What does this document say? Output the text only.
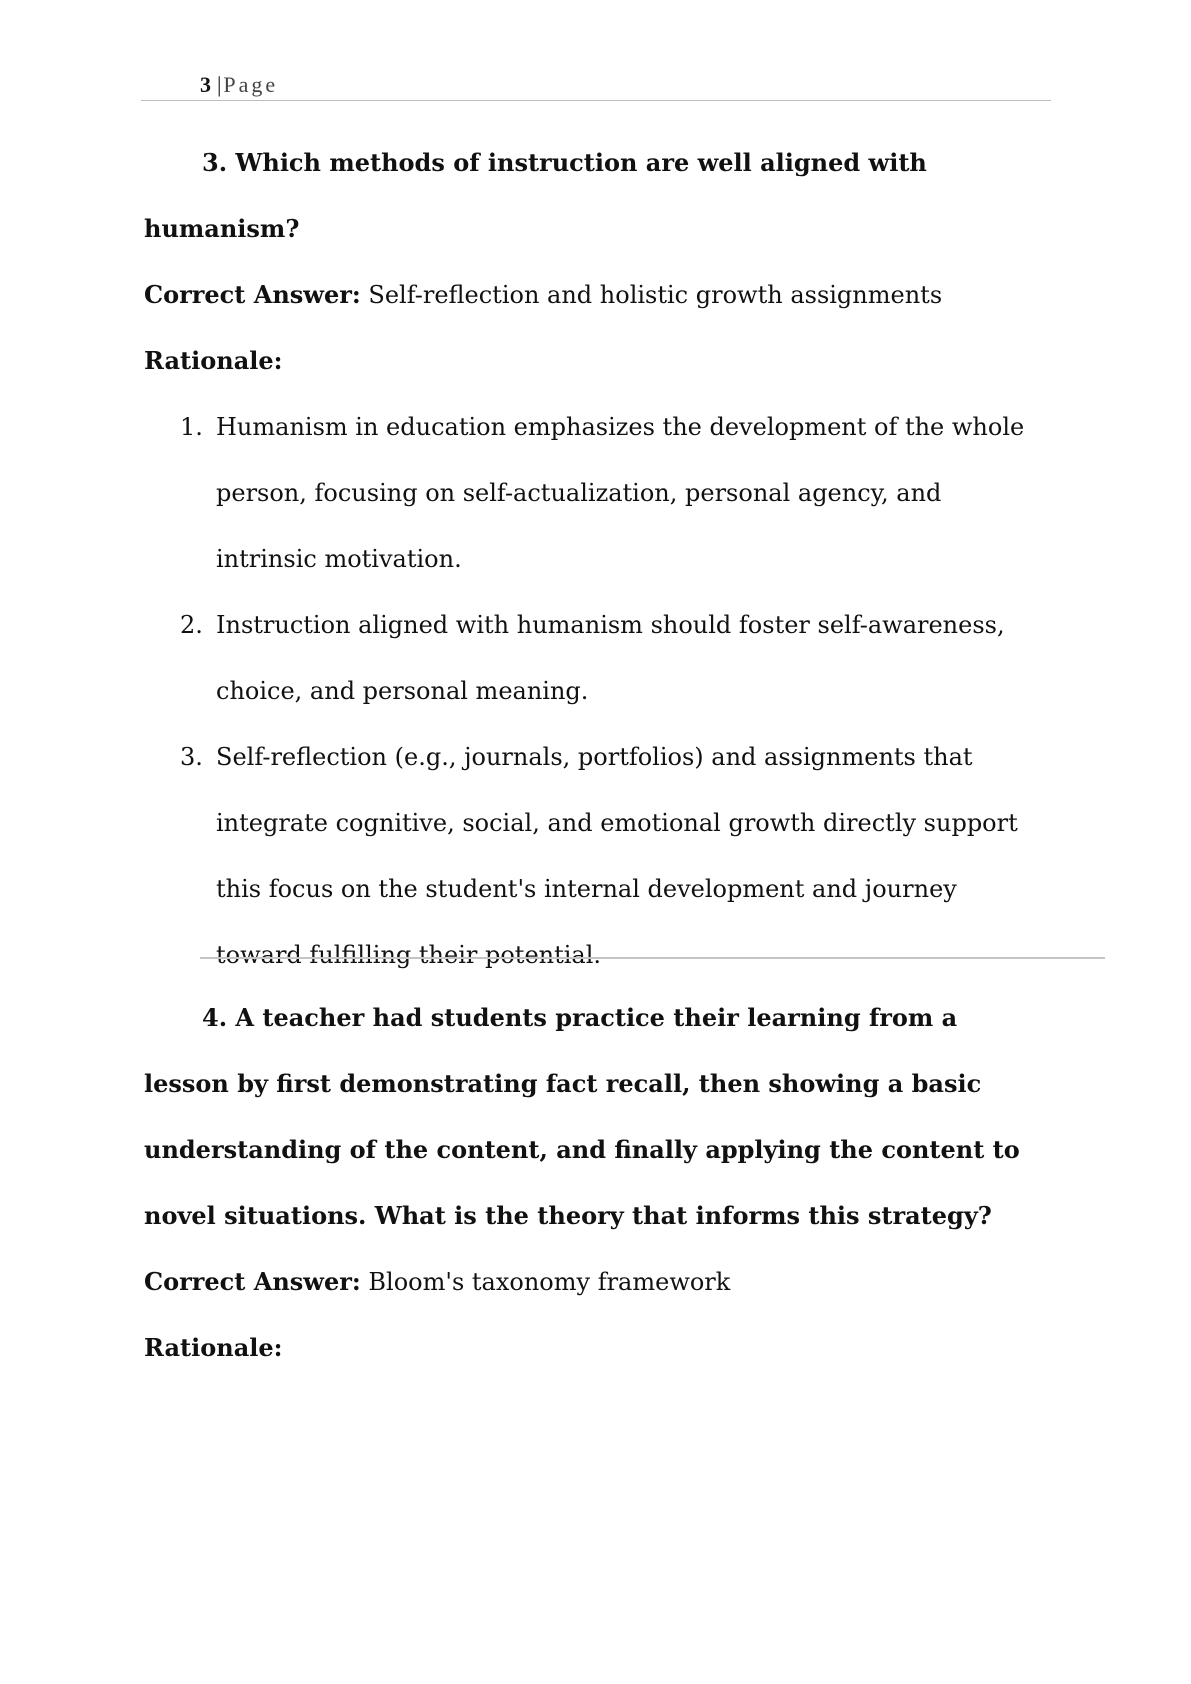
3 |Page

3. Which methods of instruction are well aligned with humanism?

Correct Answer: Self-reflection and holistic growth assignments

Rationale:

1. Humanism in education emphasizes the development of the whole person, focusing on self-actualization, personal agency, and intrinsic motivation.
2. Instruction aligned with humanism should foster self-awareness, choice, and personal meaning.
3. Self-reflection (e.g., journals, portfolios) and assignments that integrate cognitive, social, and emotional growth directly support this focus on the student's internal development and journey toward fulfilling their potential.

4. A teacher had students practice their learning from a lesson by first demonstrating fact recall, then showing a basic understanding of the content, and finally applying the content to novel situations. What is the theory that informs this strategy?

Correct Answer: Bloom's taxonomy framework

Rationale:
